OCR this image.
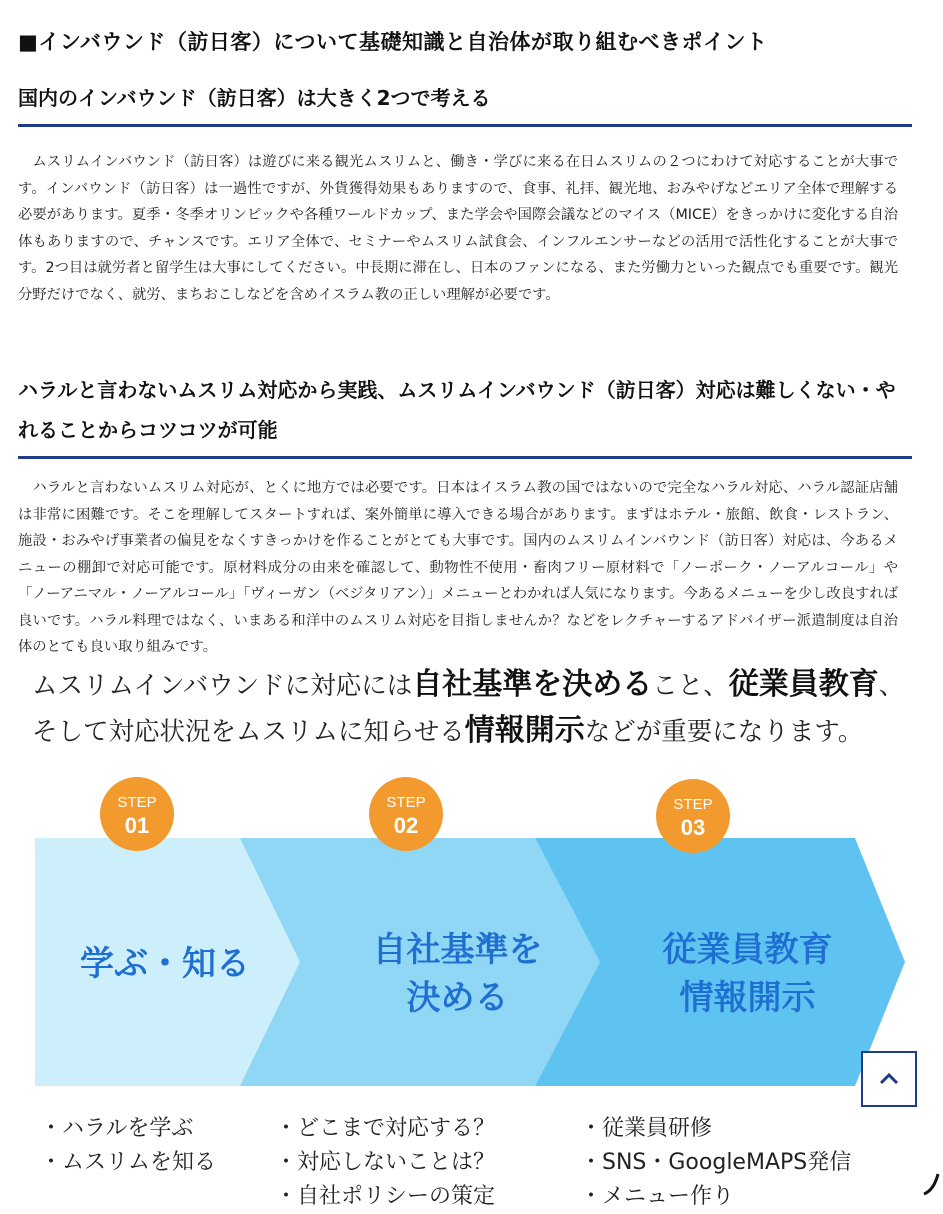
■インバウンド（訪日客）について基礎知識と自治体が取り組むべきポイント
国内のインバウンド（訪日客）は大きく2つで考える
ムスリムインバウンド（訪日客）は遊びに来る観光ムスリムと、働き・学びに来る在日ムスリムの２つにわけて対応することが大事です。インバウンド（訪日客）は一過性ですが、外貨獲得効果もありますので、食事、礼拝、観光地、おみやげなどエリア全体で理解する必要があります。夏季・冬季オリンピックや各種ワールドカップ、また学会や国際会議などのマイス（MICE）をきっかけに変化する自治体もありますので、チャンスです。エリア全体で、セミナーやムスリム試食会、インフルエンサーなどの活用で活性化することが大事です。2つ目は就労者と留学生は大事にしてください。中長期に滞在し、日本のファンになる、また労働力といった観点でも重要です。観光分野だけでなく、就労、まちおこしなどを含めイスラム教の正しい理解が必要です。
ハラルと言わないムスリム対応から実践、ムスリムインバウンド（訪日客）対応は難しくない・やれることからコツコツが可能
ハラルと言わないムスリム対応が、とくに地方では必要です。日本はイスラム教の国ではないので完全なハラル対応、ハラル認証店舗は非常に困難です。そこを理解してスタートすれば、案外簡単に導入できる場合があります。まずはホテル・旅館、飲食・レストラン、施設・おみやげ事業者の偏見をなくすきっかけを作ることがとても大事です。国内のムスリムインバウンド（訪日客）対応は、今あるメニューの棚卸で対応可能です。原材料成分の由来を確認して、動物性不使用・畜肉フリー原材料で「ノーポーク・ノーアルコール」や「ノーアニマル・ノーアルコール」「ヴィーガン（ベジタリアン）」メニューとわかれば人気になります。今あるメニューを少し改良すれば良いです。ハラル料理ではなく、いまある和洋中のムスリム対応を目指しませんか？などをレクチャーするアドバイザー派遣制度は自治体のとても良い取り組みです。
ムスリムインバウンドに対応には自社基準を決めること、従業員教育、
そして対応状況をムスリムに知らせる情報開示などが重要になります。
STEP
01
STEP
02
STEP
03
学ぶ・知る	自社基準を
決める
従業員教育
情報開示
・ハラルを学ぶ
・ムスリムを知る
・どこまで対応する？
・対応しないことは？
・自社ポリシーの策定
・従業員研修
・SNS・GoogleMAPS発信
・メニュー作り
